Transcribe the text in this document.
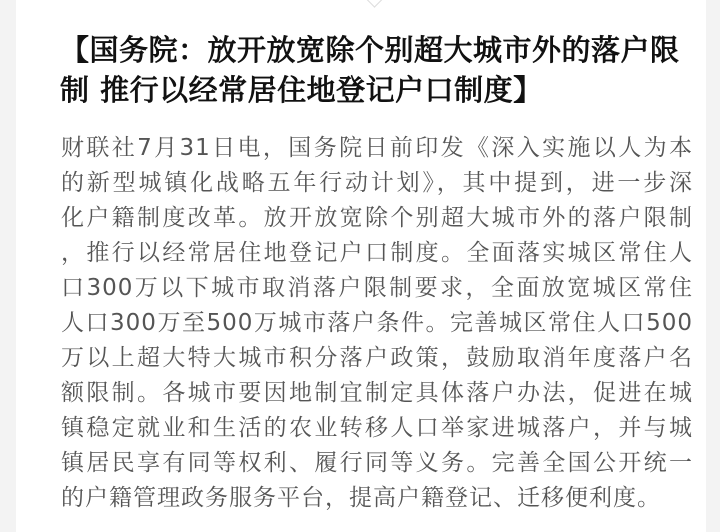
【国务院：放开放宽除个别超大城市外的落户限
制 推行以经常居住地登记户口制度】
财联社7月31日电，国务院日前印发《深入实施以人为本
的新型城镇化战略五年行动计划》，其中提到，进一步深
化户籍制度改革。放开放宽除个别超大城市外的落户限制
，推行以经常居住地登记户口制度。全面落实城区常住人
口300万以下城市取消落户限制要求，全面放宽城区常住
人口300万至500万城市落户条件。完善城区常住人口500
万以上超大特大城市积分落户政策，鼓励取消年度落户名
额限制。各城市要因地制宜制定具体落户办法，促进在城
镇稳定就业和生活的农业转移人口举家进城落户，并与城
镇居民享有同等权利、履行同等义务。完善全国公开统一
的户籍管理政务服务平台，提高户籍登记、迁移便利度。
